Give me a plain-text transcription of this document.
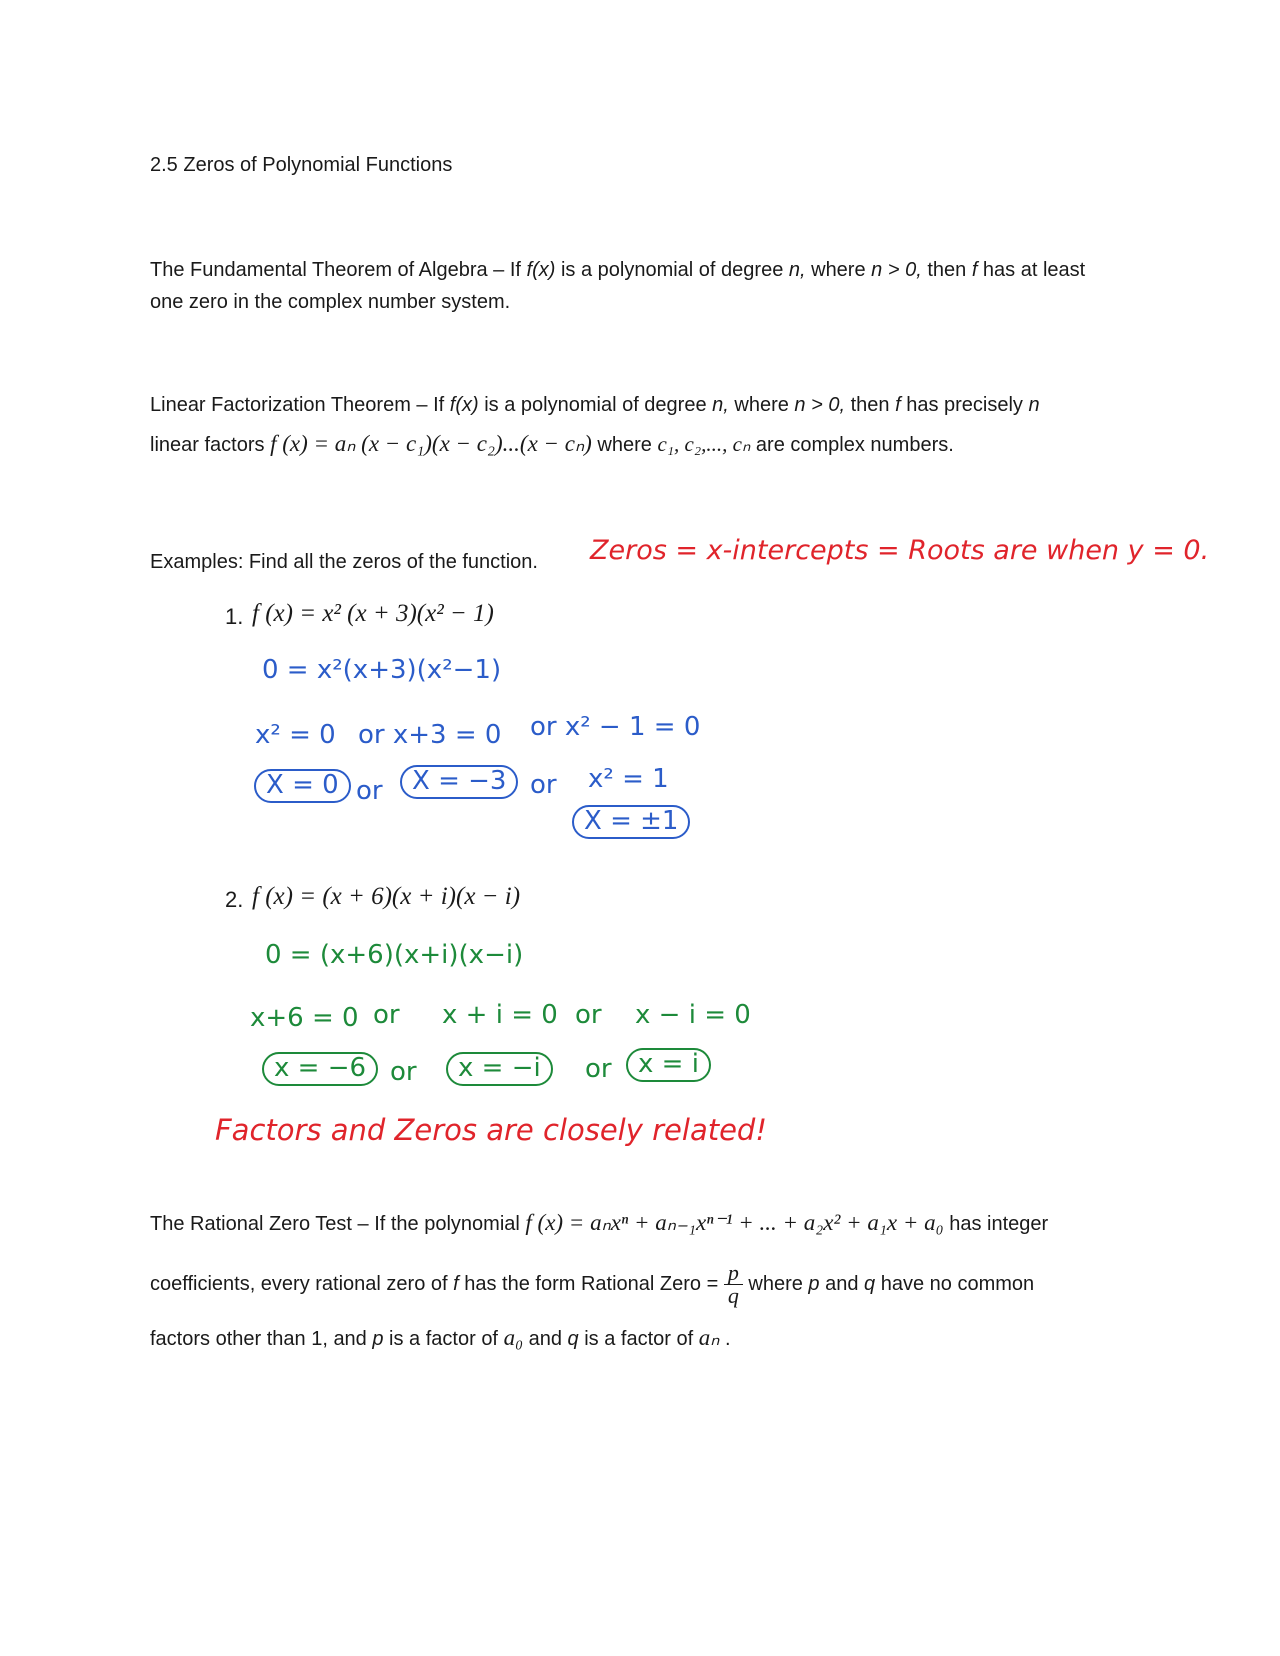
2.5 Zeros of Polynomial Functions
The Fundamental Theorem of Algebra – If f(x) is a polynomial of degree n, where n > 0, then f has at least one zero in the complex number system.
Linear Factorization Theorem – If f(x) is a polynomial of degree n, where n > 0, then f has precisely n
linear factors f (x) = aₙ (x − c₁)(x − c₂)...(x − cₙ) where c₁, c₂,..., cₙ are complex numbers.
Examples: Find all the zeros of the function. Zeros = x-intercepts = Roots are when y = 0.
1. f (x) = x² (x + 3)(x² − 1)
0 = x²(x+3)(x²−1)
x² = 0 or x+3 = 0 or x² − 1 = 0
X = 0 or	X = −3 or x² = 1
X = ±1
2. f (x) = (x + 6)(x + i)(x − i)
0 = (x+6)(x+i)(x−i)
x+6 = 0 or x + i = 0 or x − i = 0
x = −6 or	x = −i	or	x = i
Factors and Zeros are closely related!
The Rational Zero Test – If the polynomial f (x) = aₙxⁿ + aₙ₋₁xⁿ⁻¹ + ... + a₂x² + a₁x + a₀ has integer
coefficients, every rational zero of f has the form Rational Zero = $\frac{p}{q}$ where p and q have no common
factors other than 1, and p is a factor of a₀ and q is a factor of aₙ .
